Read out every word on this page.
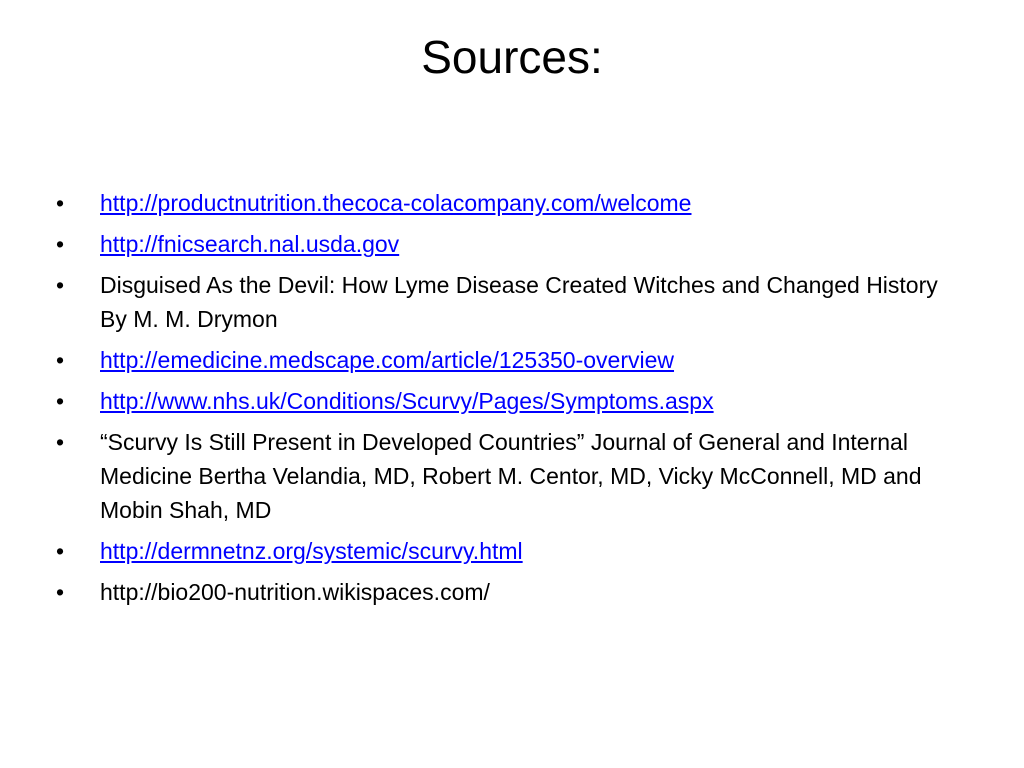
Sources:
• http://productnutrition.thecoca-colacompany.com/welcome
• http://fnicsearch.nal.usda.gov
• Disguised As the Devil: How Lyme Disease Created Witches and Changed History By M. M. Drymon
• http://emedicine.medscape.com/article/125350-overview
• http://www.nhs.uk/Conditions/Scurvy/Pages/Symptoms.aspx
• “Scurvy Is Still Present in Developed Countries” Journal of General and Internal Medicine Bertha Velandia, MD, Robert M. Centor, MD, Vicky McConnell, MD and Mobin Shah, MD
• http://dermnetnz.org/systemic/scurvy.html
• http://bio200-nutrition.wikispaces.com/
